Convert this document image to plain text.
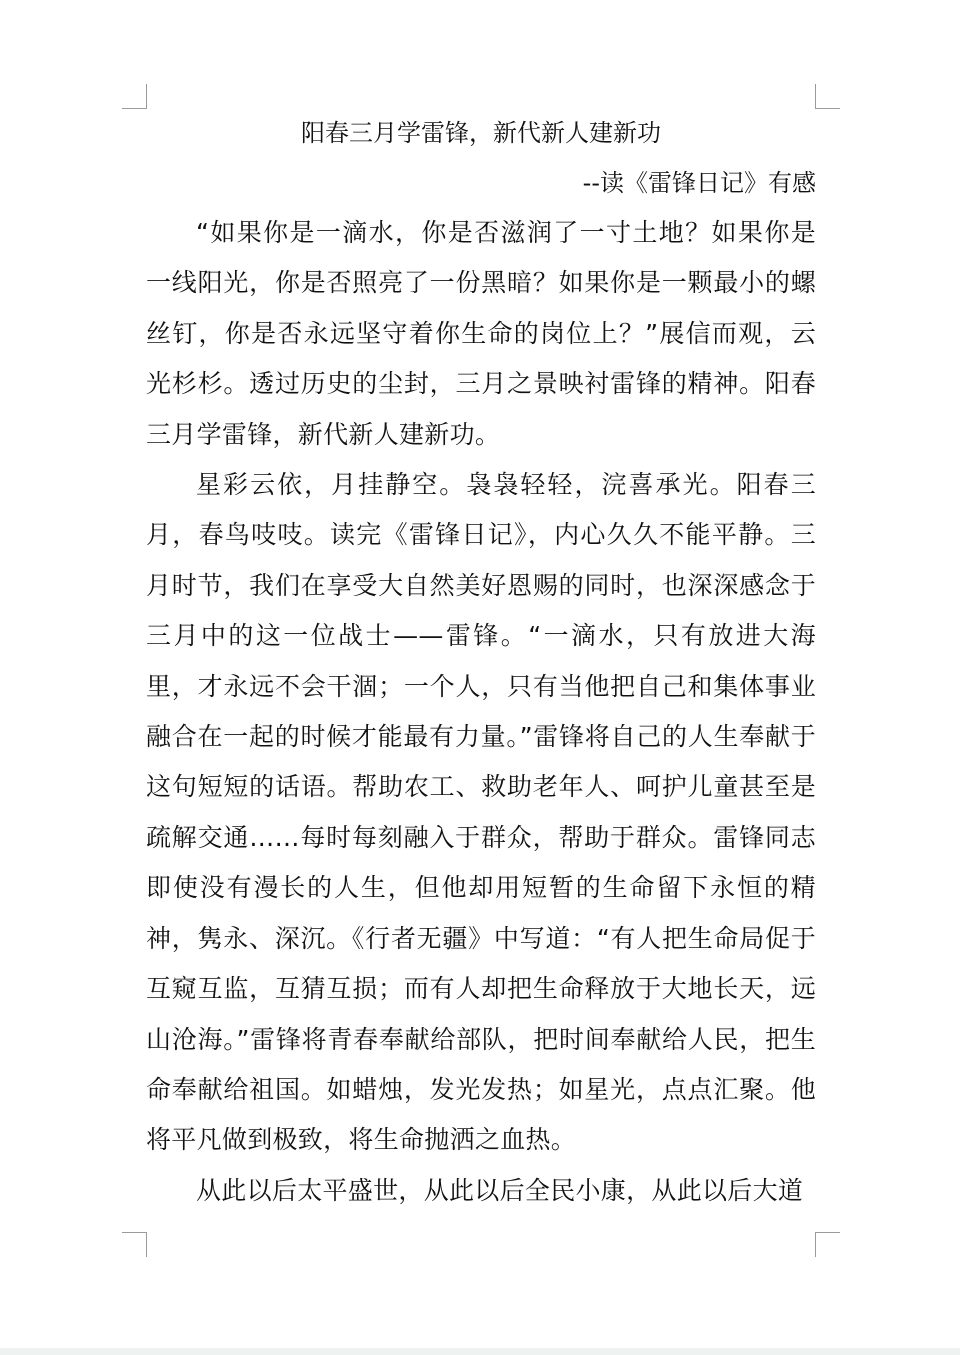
阳春三月学雷锋，新代新人建新功

--读《雷锋日记》有感

“如果你是一滴水，你是否滋润了一寸土地？如果你是一线阳光，你是否照亮了一份黑暗？如果你是一颗最小的螺丝钉，你是否永远坚守着你生命的岗位上？”展信而观，云光杉杉。透过历史的尘封，三月之景映衬雷锋的精神。阳春三月学雷锋，新代新人建新功。

星彩云依，月挂静空。袅袅轻轻，浣喜承光。阳春三月，春鸟吱吱。读完《雷锋日记》，内心久久不能平静。三月时节，我们在享受大自然美好恩赐的同时，也深深感念于三月中的这一位战士——雷锋。“一滴水，只有放进大海里，才永远不会干涸；一个人，只有当他把自己和集体事业融合在一起的时候才能最有力量。”雷锋将自己的人生奉献于这句短短的话语。帮助农工、救助老年人、呵护儿童甚至是疏解交通……每时每刻融入于群众，帮助于群众。雷锋同志即使没有漫长的人生，但他却用短暂的生命留下永恒的精神，隽永、深沉。《行者无疆》中写道：“有人把生命局促于互窥互监，互猜互损；而有人却把生命释放于大地长天，远山沧海。”雷锋将青春奉献给部队，把时间奉献给人民，把生命奉献给祖国。如蜡烛，发光发热；如星光，点点汇聚。他将平凡做到极致，将生命抛洒之血热。

从此以后太平盛世，从此以后全民小康，从此以后大道
